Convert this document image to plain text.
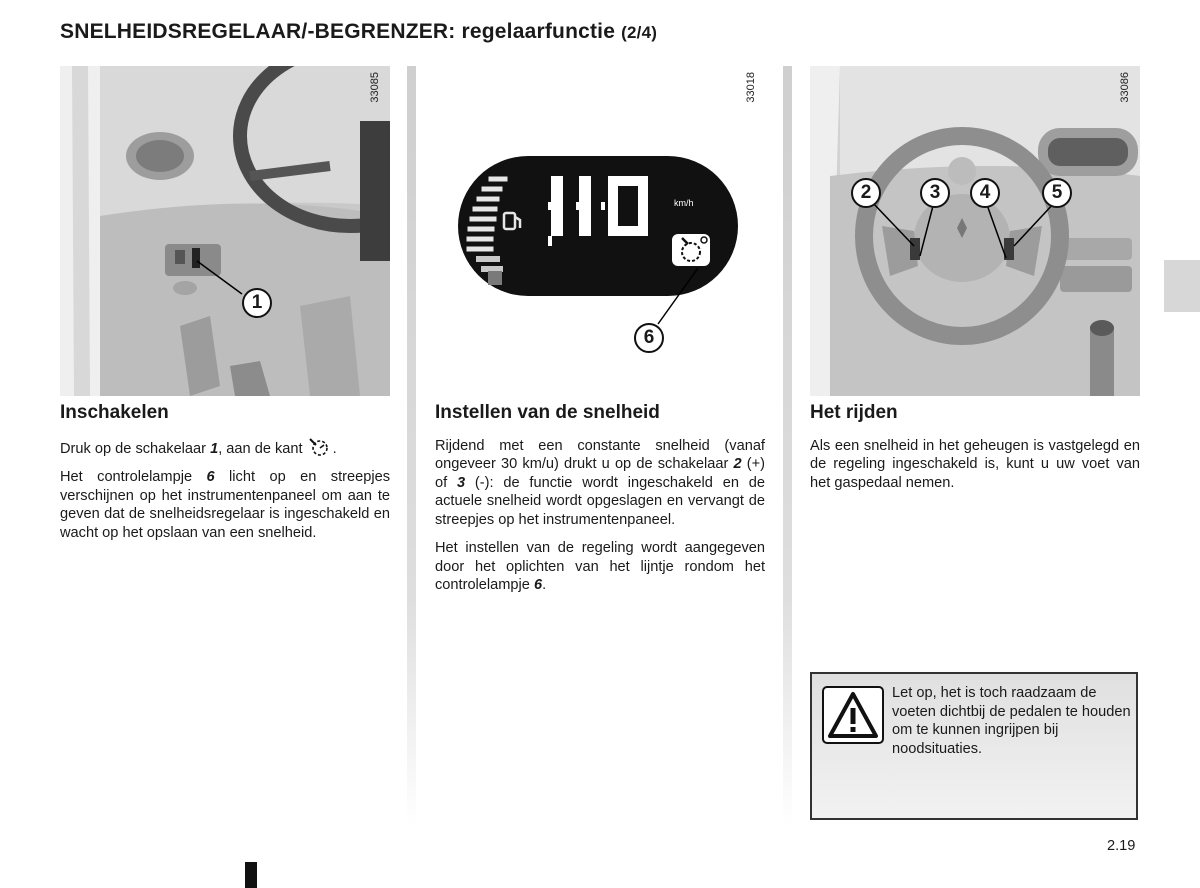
SNELHEIDSREGELAAR/-BEGRENZER: regelaarfunctie (2/4)
33085
1
km/h
33018
6
33086
2	3	4	5
Inschakelen

Druk op de schakelaar 1, aan de kant .

Het controlelampje 6 licht op en streepjes verschijnen op het instrumentenpaneel om aan te geven dat de snelheidsregelaar is ingeschakeld en wacht op het opslaan van een snelheid.

Instellen van de snelheid

Rijdend met een constante snelheid (vanaf ongeveer 30 km/u) drukt u op de schakelaar 2 (+) of 3 (-): de functie wordt ingeschakeld en de actuele snelheid wordt opgeslagen en vervangt de streepjes op het instrumentenpaneel.

Het instellen van de regeling wordt aangegeven door het oplichten van het lijntje rondom het controlelampje 6.

Het rijden

Als een snelheid in het geheugen is vastgelegd en de regeling ingeschakeld is, kunt u uw voet van het gaspedaal nemen.

Let op, het is toch raadzaam de voeten dichtbij de pedalen te houden om te kunnen ingrijpen bij noodsituaties.
2.19
